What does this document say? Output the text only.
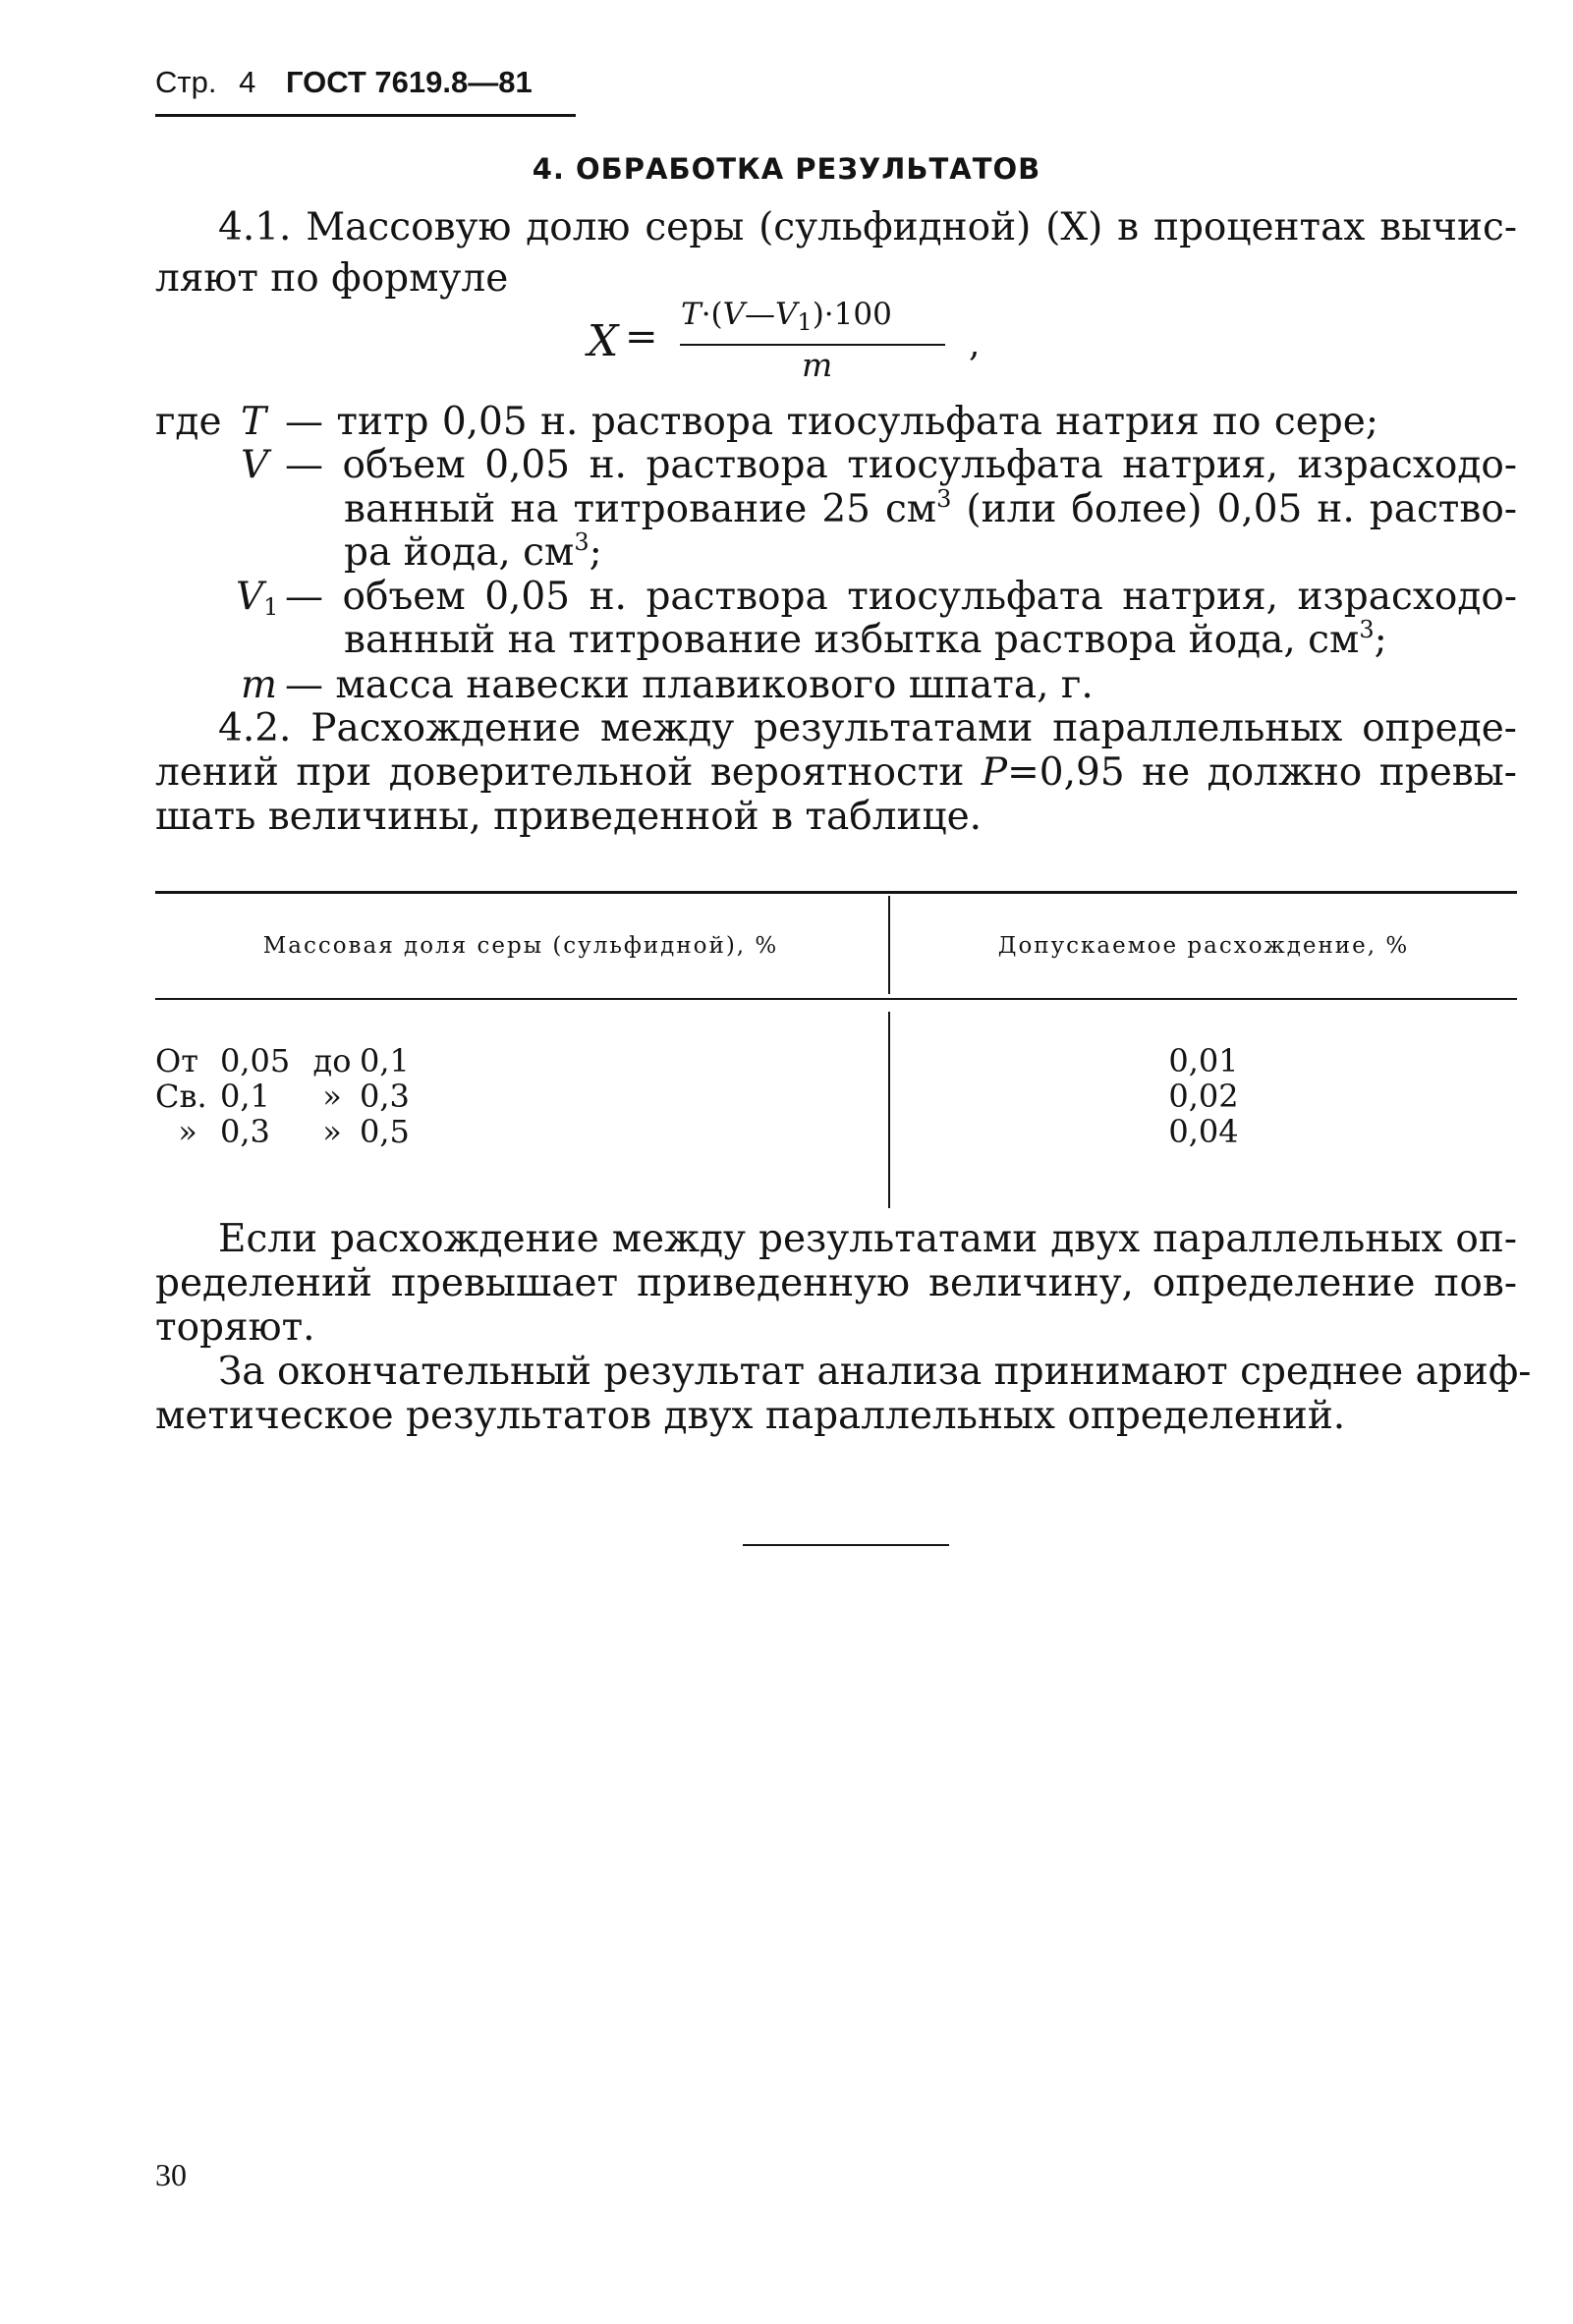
Стр. 4 ГОСТ 7619.8—81
4. ОБРАБОТКА РЕЗУЛЬТАТОВ
4.1. Массовую долю серы (сульфидной) (X) в процентах вычис-
ляют по формуле
$X = T\cdot(V—V_1)\cdot 100$
m
,
где T — титр 0,05 н. раствора тиосульфата натрия по сере;
V — объем 0,05 н. раствора тиосульфата натрия, израсходо-
ванный на титрование 25 $см^3$ (или более) 0,05 н. раство-
ра йода, $см^3$;
$V_1$ — объем 0,05 н. раствора тиосульфата натрия, израсходо-
ванный на титрование избытка раствора йода, $см^3$;
m — масса навески плавикового шпата, г.
4.2. Расхождение между результатами параллельных опреде-
лений при доверительной вероятности P=0,95 не должно превы-
шать величины, приведенной в таблице.
Массовая доля серы (сульфидной), %	Допускаемое расхождение, %
От 0,05 до 0,1	0,01
Св. 0,1 » 0,3	0,02
» 0,3 » 0,5	0,04
Если расхождение между результатами двух параллельных оп-
ределений превышает приведенную величину, определение пов-
торяют.
За окончательный результат анализа принимают среднее ариф-
метическое результатов двух параллельных определений.
30
